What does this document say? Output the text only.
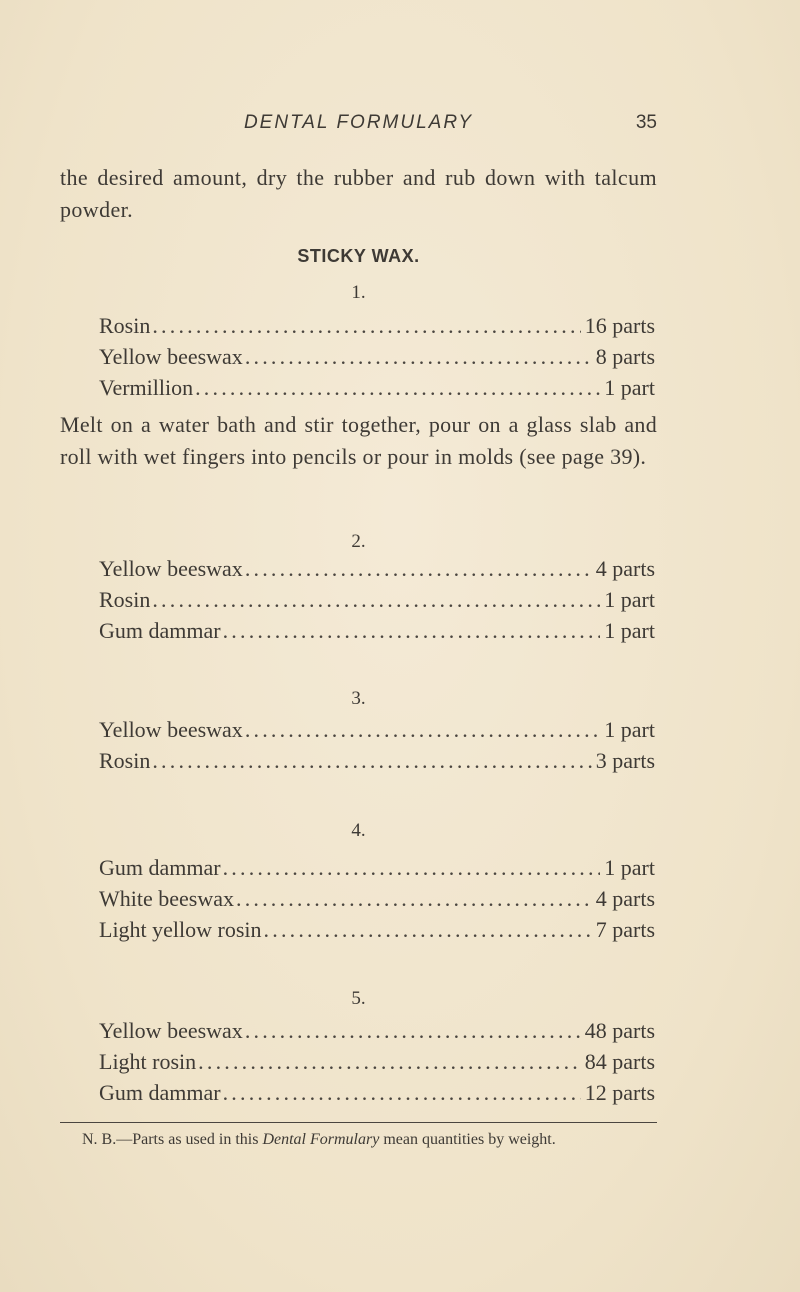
DENTAL FORMULARY	35

the desired amount, dry the rubber and rub down with talcum powder.

STICKY WAX.
1.
Rosin .....	16 parts
Yellow beeswax .....	8 parts
Vermillion .....	1 part

Melt on a water bath and stir together, pour on a glass slab and roll with wet fingers into pencils or pour in molds (see page 39).

2.
Yellow beeswax .....	4 parts
Rosin .....	1 part
Gum dammar .....	1 part
3.
Yellow beeswax .....	1 part
Rosin .....	3 parts
4.
Gum dammar .....	1 part
White beeswax .....	4 parts
Light yellow rosin .....	7 parts
5.
Yellow beeswax .....	48 parts
Light rosin .....	84 parts
Gum dammar .....	12 parts

N. B.—Parts as used in this Dental Formulary mean quantities by weight.
